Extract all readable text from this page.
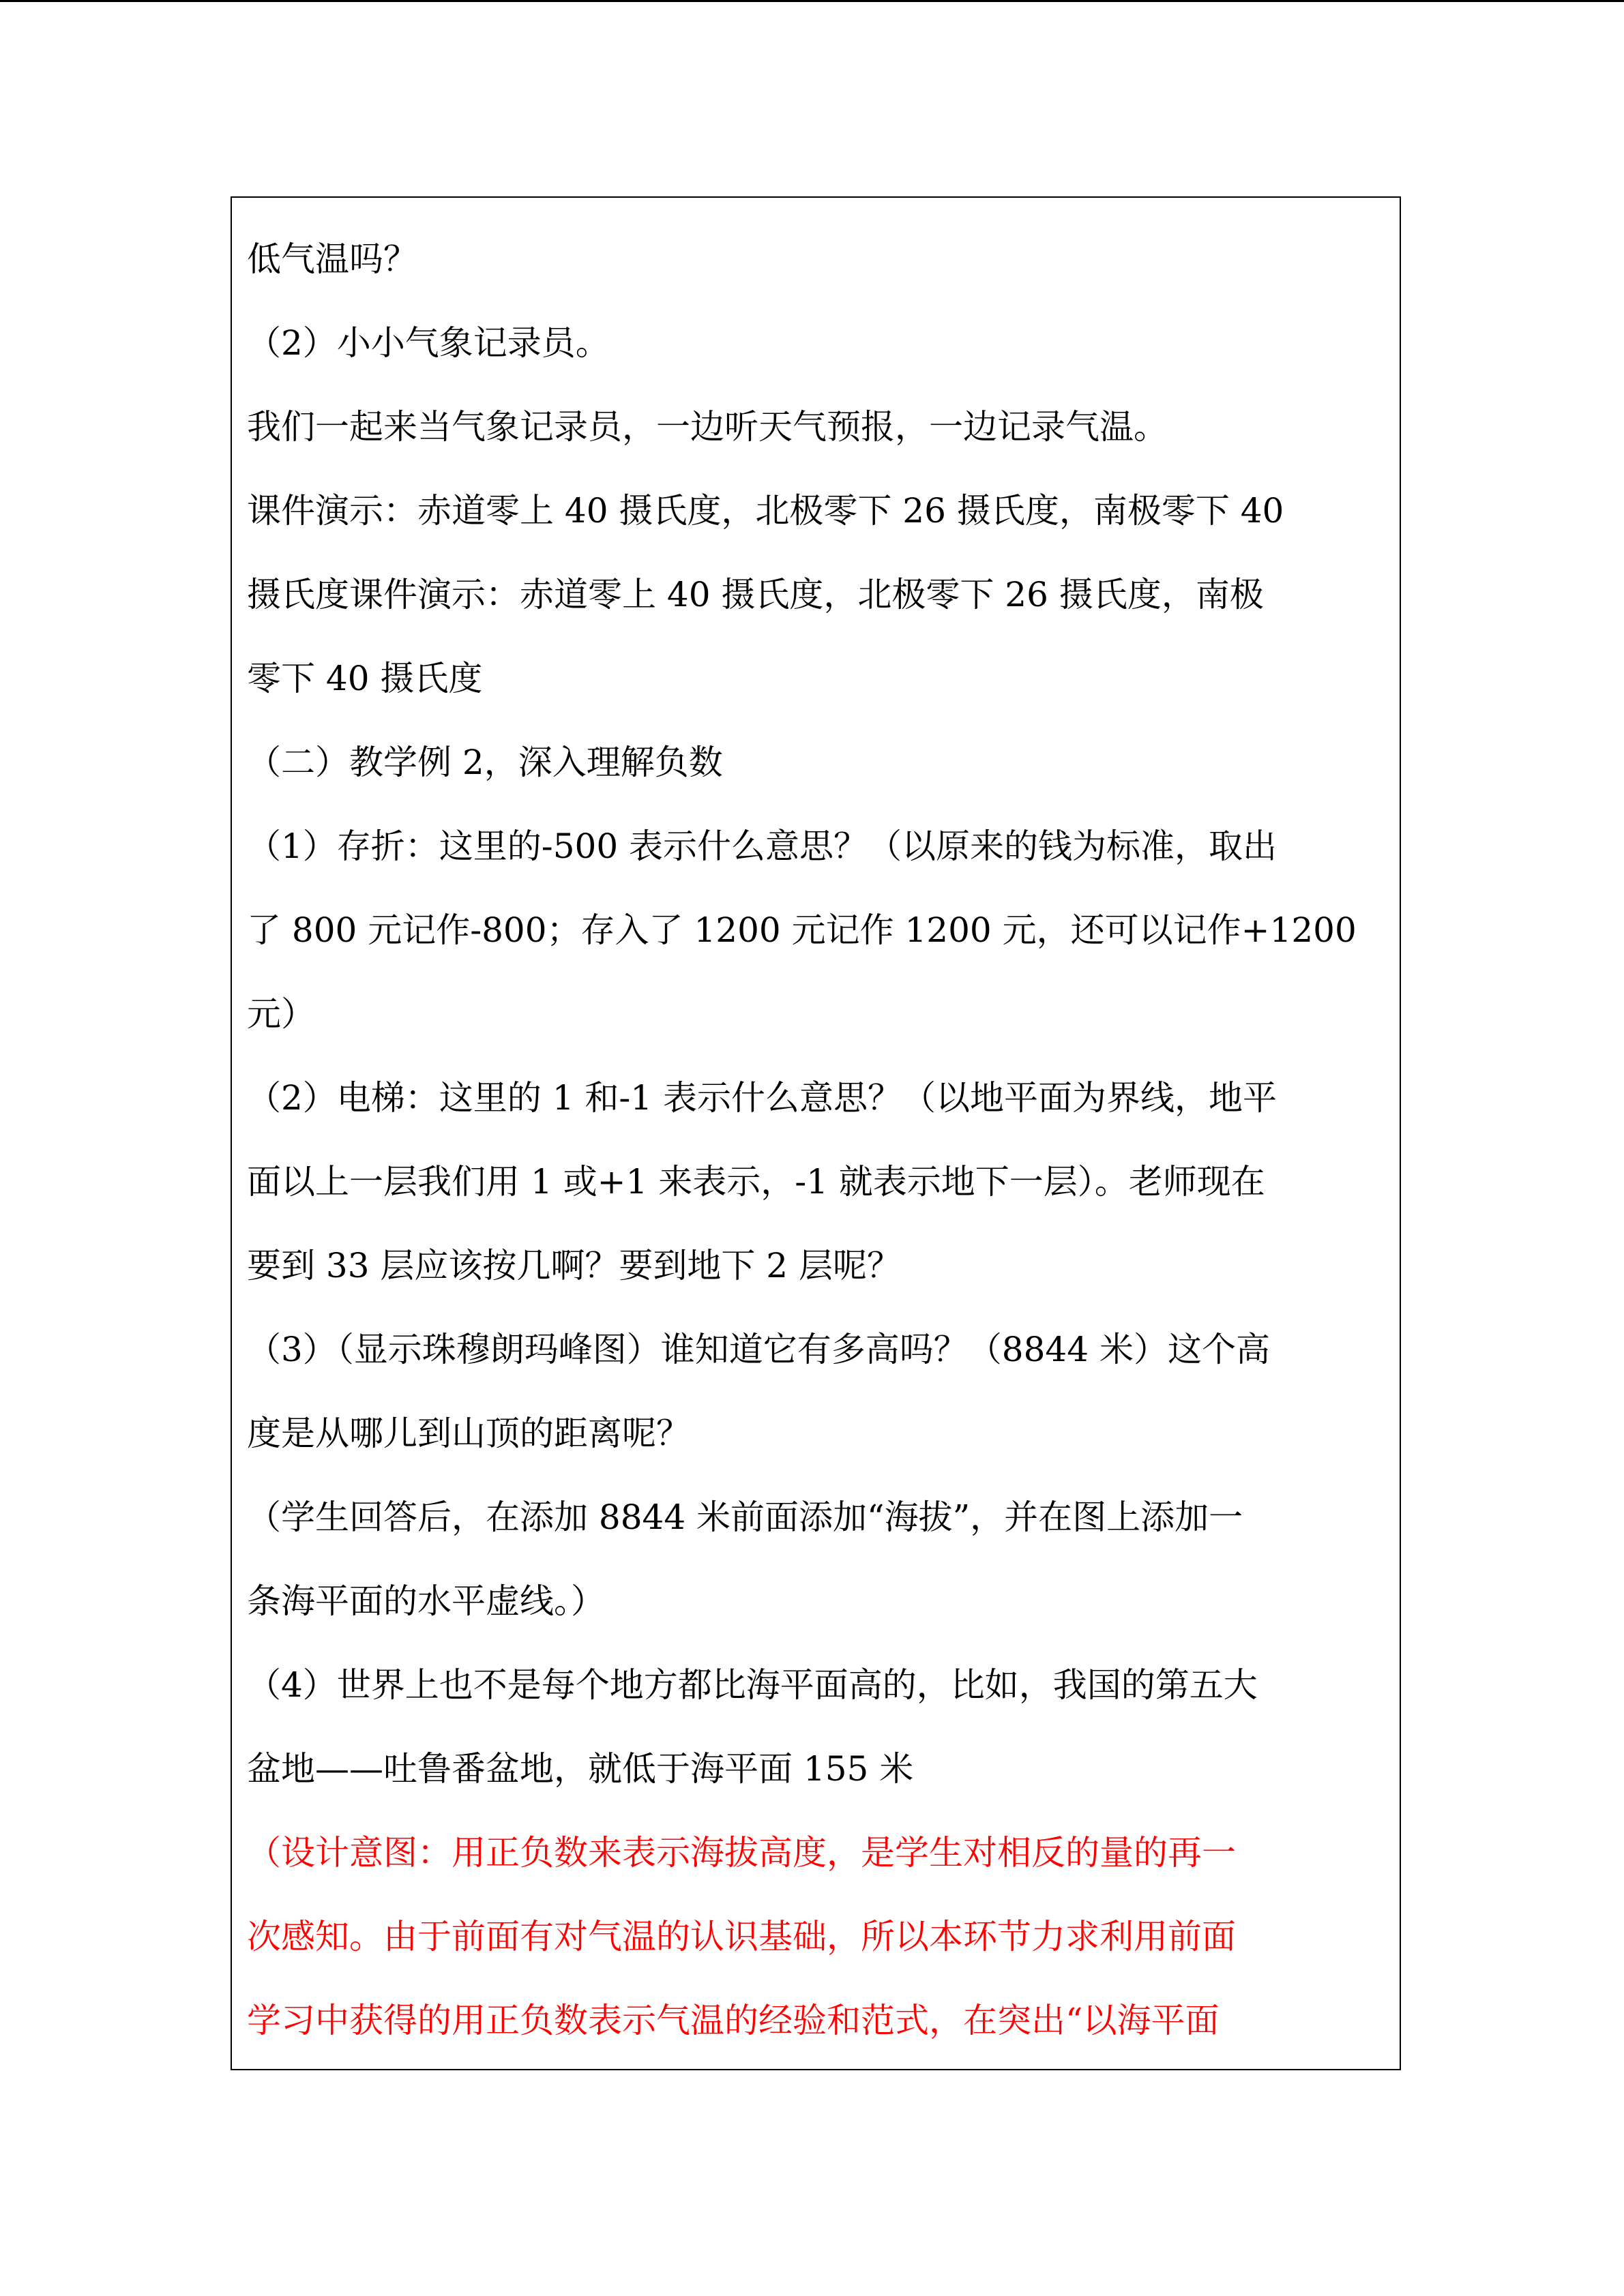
低气温吗？
（2）小小气象记录员。
我们一起来当气象记录员，一边听天气预报，一边记录气温。
课件演示：赤道零上 40 摄氏度，北极零下 26 摄氏度，南极零下 40
摄氏度课件演示：赤道零上 40 摄氏度，北极零下 26 摄氏度，南极
零下 40 摄氏度
（二）教学例 2，深入理解负数
（1）存折：这里的-500 表示什么意思？（以原来的钱为标准，取出
了 800 元记作-800；存入了 1200 元记作 1200 元，还可以记作+1200
元）
（2）电梯：这里的 1 和-1 表示什么意思？（以地平面为界线，地平
面以上一层我们用 1 或+1 来表示，-1 就表示地下一层）。老师现在
要到 33 层应该按几啊？要到地下 2 层呢？
（3）（显示珠穆朗玛峰图）谁知道它有多高吗？（8844 米）这个高
度是从哪儿到山顶的距离呢？
（学生回答后，在添加 8844 米前面添加“海拔”，并在图上添加一
条海平面的水平虚线。）
（4）世界上也不是每个地方都比海平面高的，比如，我国的第五大
盆地——吐鲁番盆地，就低于海平面 155 米
（设计意图：用正负数来表示海拔高度，是学生对相反的量的再一
次感知。由于前面有对气温的认识基础，所以本环节力求利用前面
学习中获得的用正负数表示气温的经验和范式，在突出“以海平面
